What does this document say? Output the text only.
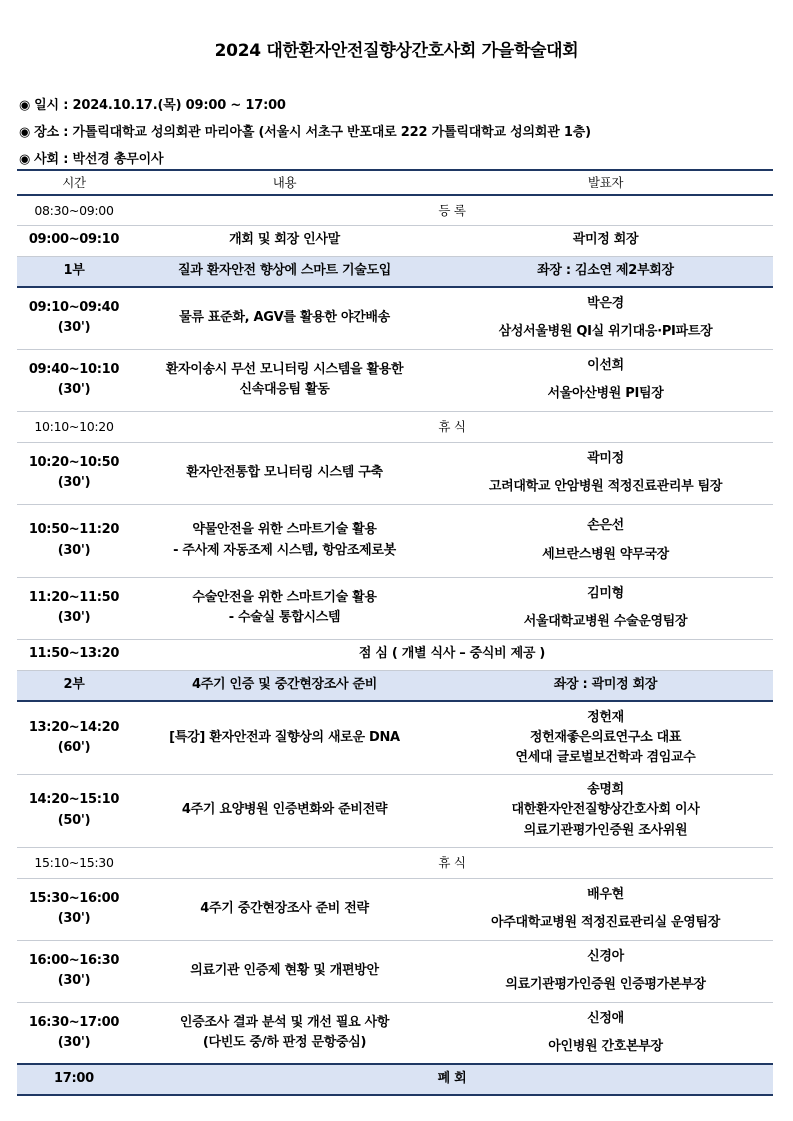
2024 대한환자안전질향상간호사회 가을학술대회
◉ 일시 : 2024.10.17.(목) 09:00 ~ 17:00
◉ 장소 : 가톨릭대학교 성의회관 마리아홀 (서울시 서초구 반포대로 222 가톨릭대학교 성의회관 1층)
◉ 사회 : 박선경 총무이사
시간	내용	발표자
08:30~09:00	등 록	
09:00~09:10	개회 및 회장 인사말	곽미정 회장
1부	질과 환자안전 향상에 스마트 기술도입	좌장 : 김소연 제2부회장

09:10~09:40
(30')	물류 표준화, AGV를 활용한 야간배송	박은경
삼성서울병원 QI실 위기대응·PI파트장

09:40~10:10
(30')	환자이송시 무선 모니터링 시스템을 활용한
신속대응팀 활동	이선희
서울아산병원 PI팀장

10:10~10:20	휴 식	

10:20~10:50
(30')	환자안전통합 모니터링 시스템 구축	곽미정
고려대학교 안암병원 적정진료관리부 팀장

10:50~11:20
(30')	약물안전을 위한 스마트기술 활용
- 주사제 자동조제 시스템, 항암조제로봇	손은선
세브란스병원 약무국장

11:20~11:50
(30')	수술안전을 위한 스마트기술 활용
- 수술실 통합시스템	김미형
서울대학교병원 수술운영팀장

11:50~13:20	점 심 ( 개별 식사 – 중식비 제공 )	
2부	4주기 인증 및 중간현장조사 준비	좌장 : 곽미정 회장

13:20~14:20
(60')	[특강] 환자안전과 질향상의 새로운 DNA	정헌재
정헌재좋은의료연구소 대표
연세대 글로벌보건학과 겸임교수

14:20~15:10
(50')	4주기 요양병원 인증변화와 준비전략	송명희
대한환자안전질향상간호사회 이사
의료기관평가인증원 조사위원

15:10~15:30	휴 식	

15:30~16:00
(30')	4주기 중간현장조사 준비 전략	배우현
아주대학교병원 적정진료관리실 운영팀장

16:00~16:30
(30')	의료기관 인증제 현황 및 개편방안	신경아
의료기관평가인증원 인증평가본부장

16:30~17:00
(30')	인증조사 결과 분석 및 개선 필요 사항
(다빈도 중/하 판정 문항중심)	신정애
아인병원 간호본부장

17:00	폐 회	
